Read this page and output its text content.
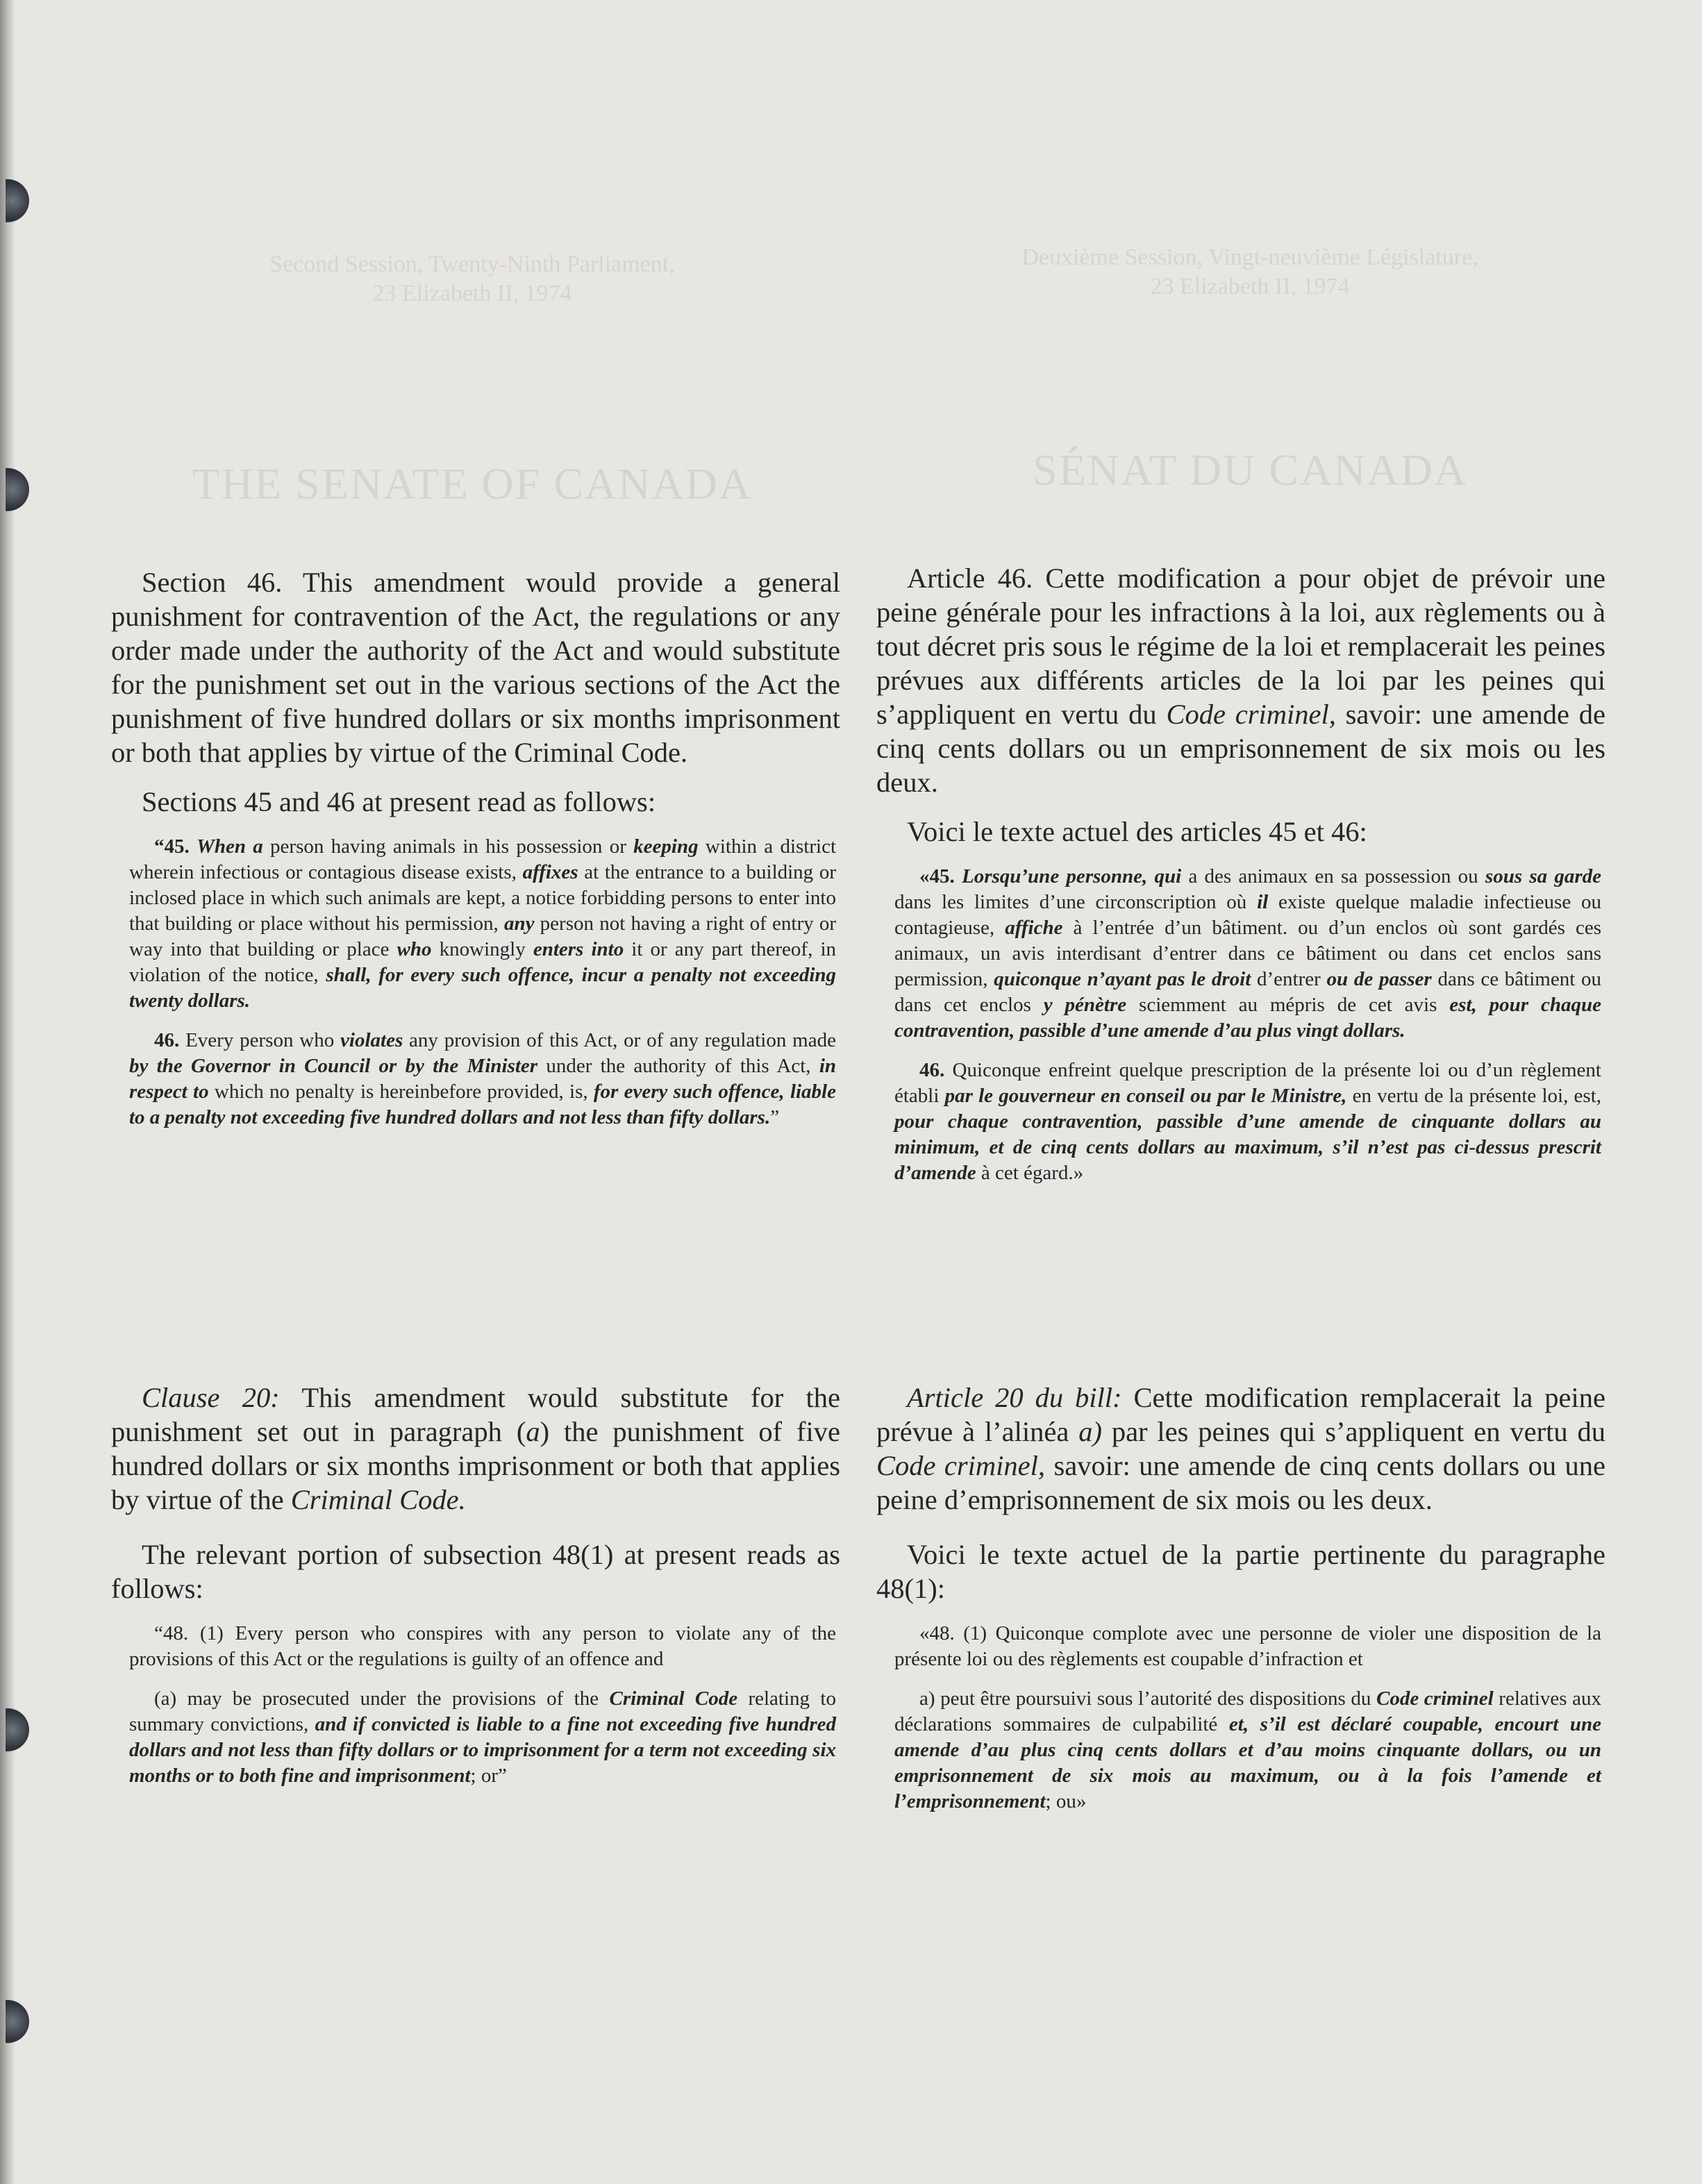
Second Session, Twenty-Ninth Parliament,
23 Elizabeth II, 1974
Deuxième Session, Vingt-neuvième Législature,
23 Elizabeth II, 1974
THE SENATE OF CANADA	SÉNAT DU CANADA

Section 46. This amendment would provide a general punishment for contravention of the Act, the regulations or any order made under the authority of the Act and would substitute for the punishment set out in the various sections of the Act the punishment of five hundred dollars or six months imprisonment or both that applies by virtue of the Criminal Code.

Sections 45 and 46 at present read as follows:

“45. When a person having animals in his possession or keeping within a district wherein infectious or contagious disease exists, affixes at the entrance to a building or inclosed place in which such animals are kept, a notice forbidding persons to enter into that building or place without his permission, any person not having a right of entry or way into that building or place who knowingly enters into it or any part thereof, in violation of the notice, shall, for every such offence, incur a penalty not exceeding twenty dollars.

46. Every person who violates any provision of this Act, or of any regulation made by the Governor in Council or by the Minister under the authority of this Act, in respect to which no penalty is hereinbefore provided, is, for every such offence, liable to a penalty not exceeding five hundred dollars and not less than fifty dollars.”

Article 46. Cette modification a pour objet de prévoir une peine générale pour les infractions à la loi, aux règlements ou à tout décret pris sous le régime de la loi et remplacerait les peines prévues aux différents articles de la loi par les peines qui s’appliquent en vertu du Code criminel, savoir: une amende de cinq cents dollars ou un emprisonnement de six mois ou les deux.

Voici le texte actuel des articles 45 et 46:

«45. Lorsqu’une personne, qui a des animaux en sa possession ou sous sa garde dans les limites d’une circonscription où il existe quelque maladie infectieuse ou contagieuse, affiche à l’entrée d’un bâtiment. ou d’un enclos où sont gardés ces animaux, un avis interdisant d’entrer dans ce bâtiment ou dans cet enclos sans permission, quiconque n’ayant pas le droit d’entrer ou de passer dans ce bâtiment ou dans cet enclos y pénètre sciemment au mépris de cet avis est, pour chaque contravention, passible d’une amende d’au plus vingt dollars.

46. Quiconque enfreint quelque prescription de la présente loi ou d’un règlement établi par le gouverneur en conseil ou par le Ministre, en vertu de la présente loi, est, pour chaque contravention, passible d’une amende de cinquante dollars au minimum, et de cinq cents dollars au maximum, s’il n’est pas ci-dessus prescrit d’amende à cet égard.»

Clause 20: This amendment would substitute for the punishment set out in paragraph (a) the punishment of five hundred dollars or six months imprisonment or both that applies by virtue of the Criminal Code.

The relevant portion of subsection 48(1) at present reads as follows:

“48. (1) Every person who conspires with any person to violate any of the provisions of this Act or the regulations is guilty of an offence and

(a) may be prosecuted under the provisions of the Criminal Code relating to summary convictions, and if convicted is liable to a fine not exceeding five hundred dollars and not less than fifty dollars or to imprisonment for a term not exceeding six months or to both fine and imprisonment; or”

Article 20 du bill: Cette modification remplacerait la peine prévue à l’alinéa a) par les peines qui s’appliquent en vertu du Code criminel, savoir: une amende de cinq cents dollars ou une peine d’emprisonnement de six mois ou les deux.

Voici le texte actuel de la partie pertinente du paragraphe 48(1):

«48. (1) Quiconque complote avec une personne de violer une disposition de la présente loi ou des règlements est coupable d’infraction et

a) peut être poursuivi sous l’autorité des dispositions du Code criminel relatives aux déclarations sommaires de culpabilité et, s’il est déclaré coupable, encourt une amende d’au plus cinq cents dollars et d’au moins cinquante dollars, ou un emprisonnement de six mois au maximum, ou à la fois l’amende et l’emprisonnement; ou»
